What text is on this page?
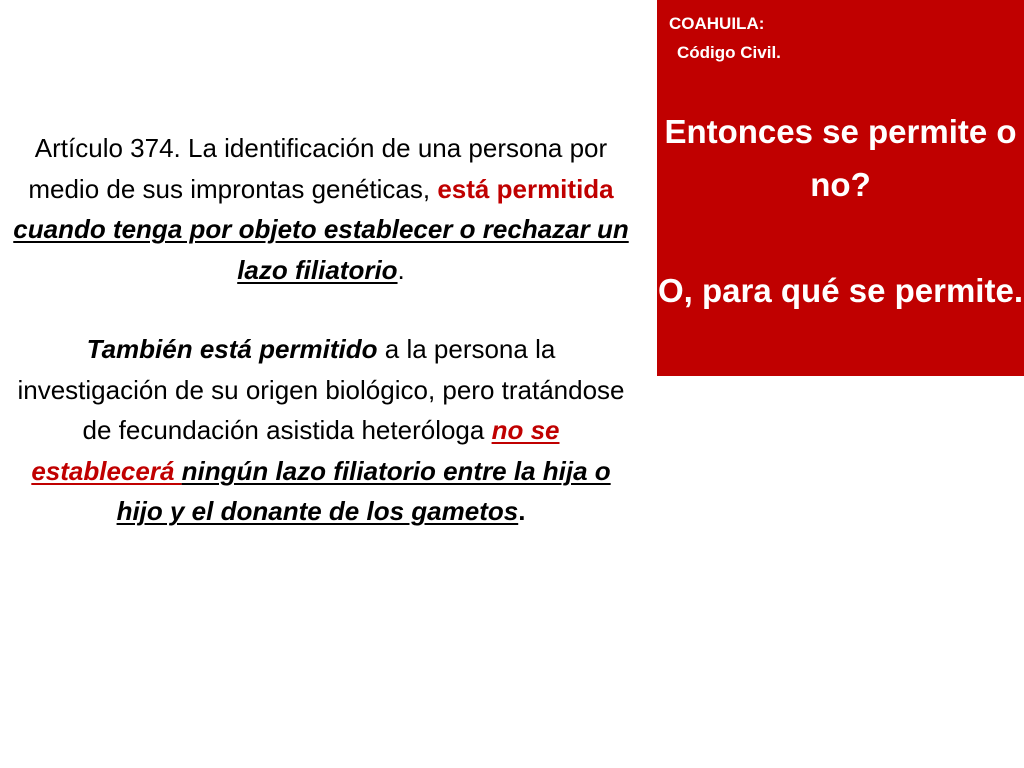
Artículo 374. La identificación de una persona por medio de sus improntas genéticas, está permitida cuando tenga por objeto establecer o rechazar un lazo filiatorio.

También está permitido a la persona la investigación de su origen biológico, pero tratándose de fecundación asistida heteróloga no se establecerá ningún lazo filiatorio entre la hija o hijo y el donante de los gametos.

COAHUILA:
Código Civil.
Entonces se permite o no?
O, para qué se permite.
